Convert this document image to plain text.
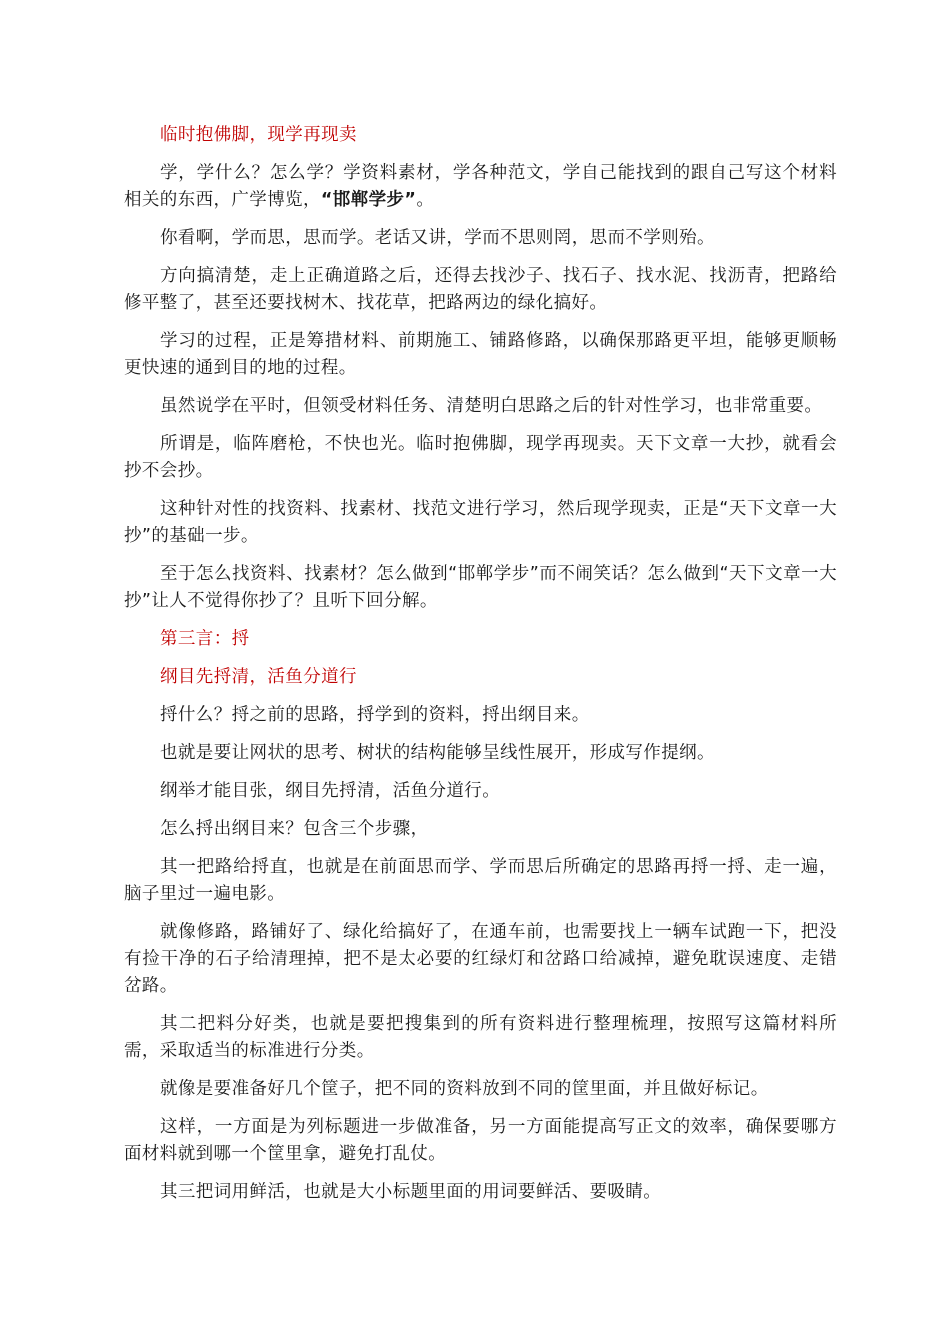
临时抱佛脚，现学再现卖

学，学什么？怎么学？学资料素材，学各种范文，学自己能找到的跟自己写这个材料相关的东西，广学博览，“邯郸学步”。

你看啊，学而思，思而学。老话又讲，学而不思则罔，思而不学则殆。

方向搞清楚，走上正确道路之后，还得去找沙子、找石子、找水泥、找沥青，把路给修平整了，甚至还要找树木、找花草，把路两边的绿化搞好。

学习的过程，正是筹措材料、前期施工、铺路修路，以确保那路更平坦，能够更顺畅更快速的通到目的地的过程。

虽然说学在平时，但领受材料任务、清楚明白思路之后的针对性学习，也非常重要。

所谓是，临阵磨枪，不快也光。临时抱佛脚，现学再现卖。天下文章一大抄，就看会抄不会抄。

这种针对性的找资料、找素材、找范文进行学习，然后现学现卖，正是“天下文章一大抄”的基础一步。

至于怎么找资料、找素材？怎么做到“邯郸学步”而不闹笑话？怎么做到“天下文章一大抄”让人不觉得你抄了？且听下回分解。

第三言：捋

纲目先捋清，活鱼分道行

捋什么？捋之前的思路，捋学到的资料，捋出纲目来。

也就是要让网状的思考、树状的结构能够呈线性展开，形成写作提纲。

纲举才能目张，纲目先捋清，活鱼分道行。

怎么捋出纲目来？包含三个步骤，

其一把路给捋直，也就是在前面思而学、学而思后所确定的思路再捋一捋、走一遍，脑子里过一遍电影。

就像修路，路铺好了、绿化给搞好了，在通车前，也需要找上一辆车试跑一下，把没有捡干净的石子给清理掉，把不是太必要的红绿灯和岔路口给减掉，避免耽误速度、走错岔路。

其二把料分好类，也就是要把搜集到的所有资料进行整理梳理，按照写这篇材料所需，采取适当的标准进行分类。

就像是要准备好几个筐子，把不同的资料放到不同的筐里面，并且做好标记。

这样，一方面是为列标题进一步做准备，另一方面能提高写正文的效率，确保要哪方面材料就到哪一个筐里拿，避免打乱仗。

其三把词用鲜活，也就是大小标题里面的用词要鲜活、要吸睛。
